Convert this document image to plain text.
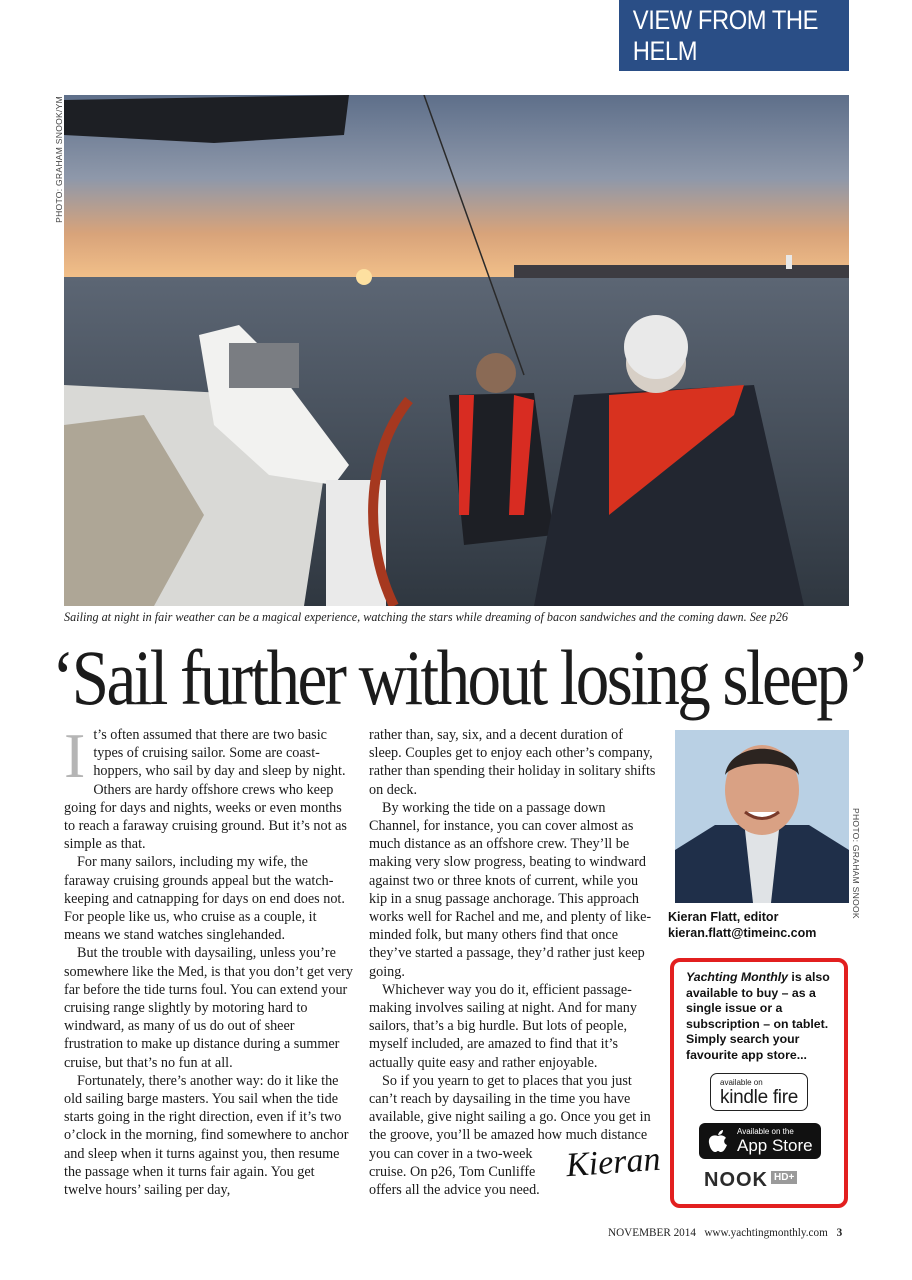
VIEW FROM THE HELM
PHOTO: GRAHAM SNOOK/YM
Sailing at night in fair weather can be a magical experience, watching the stars while dreaming of bacon sandwiches and the coming dawn. See p26
‘Sail further without losing sleep’

It’s often assumed that there are two basic types of cruising sailor. Some are coast-hoppers, who sail by day and sleep by night. Others are hardy offshore crews who keep going for days and nights, weeks or even months to reach a faraway cruising ground. But it’s not as simple as that.

For many sailors, including my wife, the faraway cruising grounds appeal but the watch-keeping and catnapping for days on end does not. For people like us, who cruise as a couple, it means we stand watches singlehanded.

But the trouble with daysailing, unless you’re somewhere like the Med, is that you don’t get very far before the tide turns foul. You can extend your cruising range slightly by motoring hard to windward, as many of us do out of sheer frustration to make up distance during a summer cruise, but that’s no fun at all.

Fortunately, there’s another way: do it like the old sailing barge masters. You sail when the tide starts going in the right direction, even if it’s two o’clock in the morning, find somewhere to anchor and sleep when it turns against you, then resume the passage when it turns fair again. You get twelve hours’ sailing per day,

rather than, say, six, and a decent duration of sleep. Couples get to enjoy each other’s company, rather than spending their holiday in solitary shifts on deck.

By working the tide on a passage down Channel, for instance, you can cover almost as much distance as an offshore crew. They’ll be making very slow progress, beating to windward against two or three knots of current, while you kip in a snug passage anchorage. This approach works well for Rachel and me, and plenty of like-minded folk, but many others find that once they’ve started a passage, they’d rather just keep going.

Whichever way you do it, efficient passage-making involves sailing at night. And for many sailors, that’s a big hurdle. But lots of people, myself included, are amazed to find that it’s actually quite easy and rather enjoyable.

So if you yearn to get to places that you just can’t reach by daysailing in the time you have available, give night sailing a go. Once you get in the groove, you’ll be amazed how much distance you can cover in a two-week

cruise. On p26, Tom Cunliffe

offers all the advice you need.

Kieran
PHOTO: GRAHAM SNOOK
Kieran Flatt, editor
kieran.flatt@timeinc.com
Yachting Monthly is also available to buy – as a single issue or a subscription – on tablet. Simply search your favourite app store...
available on
kindle fire
Available on the
App Store
NOOK HD+
NOVEMBER 2014 www.yachtingmonthly.com 3
